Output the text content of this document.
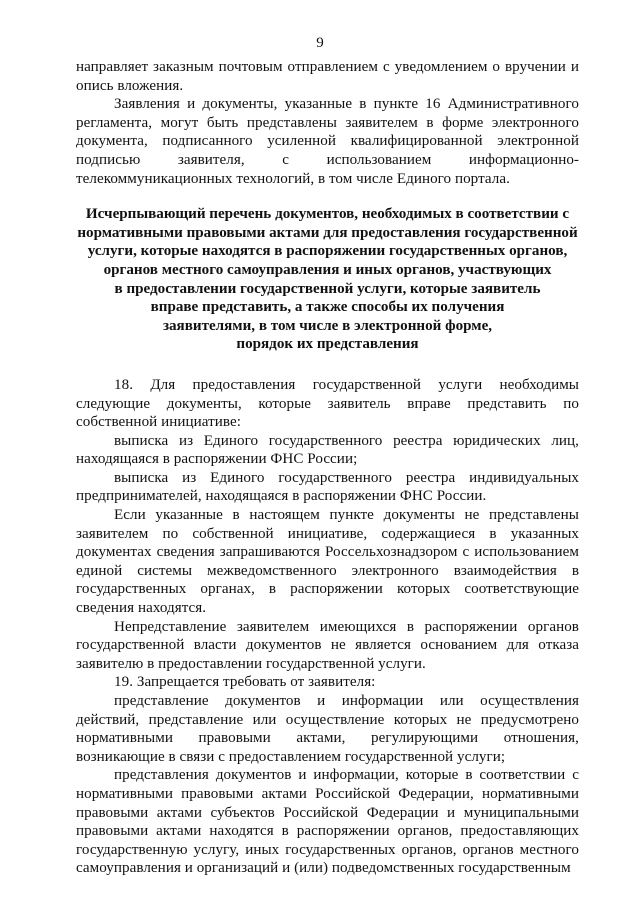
9

направляет заказным почтовым отправлением с уведомлением о вручении и опись вложения.

Заявления и документы, указанные в пункте 16 Административного регламента, могут быть представлены заявителем в форме электронного документа, подписанного усиленной квалифицированной электронной подписью заявителя, с использованием информационно-телекоммуникационных технологий, в том числе Единого портала.

Исчерпывающий перечень документов, необходимых в соответствии с
нормативными правовыми актами для предоставления государственной
услуги, которые находятся в распоряжении государственных органов,
органов местного самоуправления и иных органов, участвующих
в предоставлении государственной услуги, которые заявитель
вправе представить, а также способы их получения
заявителями, в том числе в электронной форме,
порядок их представления

18. Для предоставления государственной услуги необходимы следующие документы, которые заявитель вправе представить по собственной инициативе:

выписка из Единого государственного реестра юридических лиц, находящаяся в распоряжении ФНС России;

выписка из Единого государственного реестра индивидуальных предпринимателей, находящаяся в распоряжении ФНС России.

Если указанные в настоящем пункте документы не представлены заявителем по собственной инициативе, содержащиеся в указанных документах сведения запрашиваются Россельхознадзором с использованием единой системы межведомственного электронного взаимодействия в государственных органах, в распоряжении которых соответствующие сведения находятся.

Непредставление заявителем имеющихся в распоряжении органов государственной власти документов не является основанием для отказа заявителю в предоставлении государственной услуги.

19. Запрещается требовать от заявителя:

представление документов и информации или осуществления действий, представление или осуществление которых не предусмотрено нормативными правовыми актами, регулирующими отношения, возникающие в связи с предоставлением государственной услуги;

представления документов и информации, которые в соответствии с нормативными правовыми актами Российской Федерации, нормативными правовыми актами субъектов Российской Федерации и муниципальными правовыми актами находятся в распоряжении органов, предоставляющих государственную услугу, иных государственных органов, органов местного самоуправления и организаций и (или) подведомственных государственным
